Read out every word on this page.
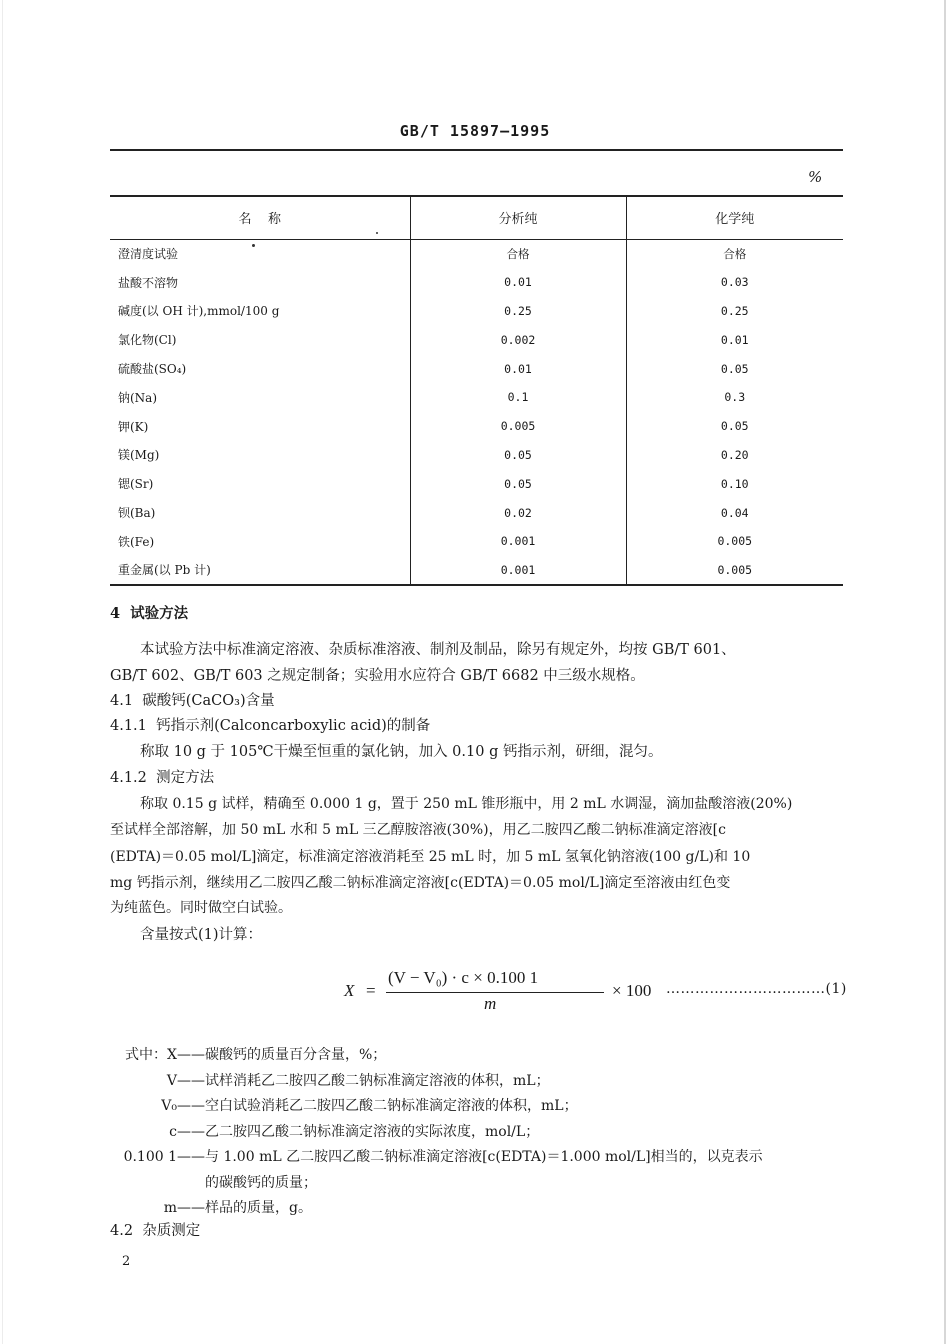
GB/T 15897—1995
%
名    称	分析纯	化学纯
澄清度试验	合格	合格
盐酸不溶物	0.01	0.03
碱度(以 OH 计),mmol/100 g	0.25	0.25
氯化物(Cl)	0.002	0.01
硫酸盐(SO₄)	0.01	0.05
钠(Na)	0.1	0.3
钾(K)	0.005	0.05
镁(Mg)	0.05	0.20
锶(Sr)	0.05	0.10
钡(Ba)	0.02	0.04
铁(Fe)	0.001	0.005
重金属(以 Pb 计)	0.001	0.005
4  试验方法
本试验方法中标准滴定溶液、杂质标准溶液、制剂及制品，除另有规定外，均按 GB/T 601、
GB/T 602、GB/T 603 之规定制备；实验用水应符合 GB/T 6682 中三级水规格。
4.1  碳酸钙(CaCO₃)含量
4.1.1  钙指示剂(Calconcarboxylic acid)的制备
称取 10 g 于 105℃干燥至恒重的氯化钠，加入 0.10 g 钙指示剂，研细，混匀。
4.1.2  测定方法
称取 0.15 g 试样，精确至 0.000 1 g，置于 250 mL 锥形瓶中，用 2 mL 水调湿，滴加盐酸溶液(20%)
至试样全部溶解，加 50 mL 水和 5 mL 三乙醇胺溶液(30%)，用乙二胺四乙酸二钠标准滴定溶液[c
(EDTA)＝0.05 mol/L]滴定，标准滴定溶液消耗至 25 mL 时，加 5 mL 氢氧化钠溶液(100 g/L)和 10
mg 钙指示剂，继续用乙二胺四乙酸二钠标准滴定溶液[c(EDTA)＝0.05 mol/L]滴定至溶液由红色变
为纯蓝色。同时做空白试验。
含量按式(1)计算：
X =
(V − V₀) · c × 0.100 1
m
× 100 ……………………………(1)
式中：X—— 碳酸钙的质量百分含量，%；
V—— 试样消耗乙二胺四乙酸二钠标准滴定溶液的体积，mL；
V₀—— 空白试验消耗乙二胺四乙酸二钠标准滴定溶液的体积，mL；
c—— 乙二胺四乙酸二钠标准滴定溶液的实际浓度，mol/L；
0.100 1—— 与 1.00 mL 乙二胺四乙酸二钠标准滴定溶液[c(EDTA)＝1.000 mol/L]相当的，以克表示
的碳酸钙的质量；
m—— 样品的质量，g。
4.2  杂质测定
2
